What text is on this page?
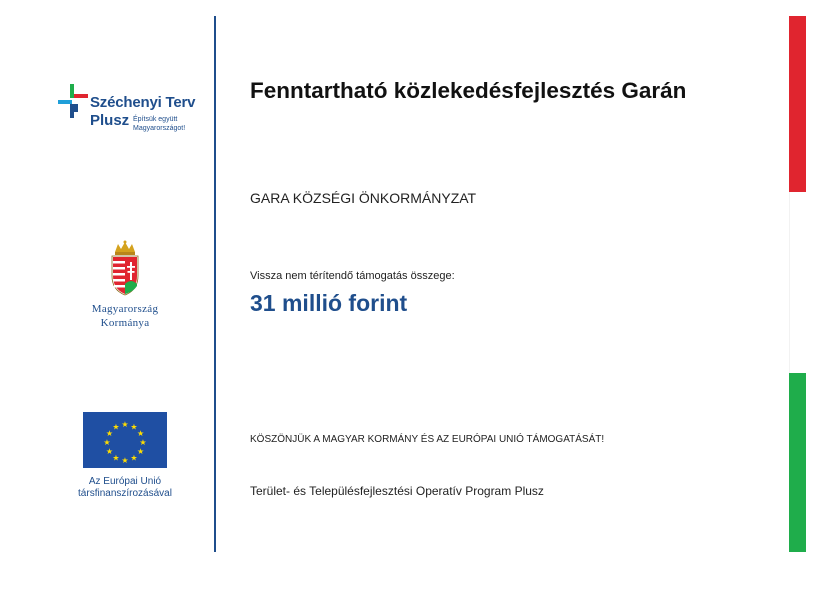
Széchenyi Terv
Plusz Építsük együtt
Magyarországot!
Magyarország
Kormánya
★ ★
★
★
★
★
★
★
★
★
★
★
Az Európai Unió
társfinanszírozásával
Fenntartható közlekedésfejlesztés Garán
GARA KÖZSÉGI ÖNKORMÁNYZAT
Vissza nem térítendő támogatás összege:
31 millió forint
KÖSZÖNJÜK A MAGYAR KORMÁNY ÉS AZ EURÓPAI UNIÓ TÁMOGATÁSÁT!
Terület- és Településfejlesztési Operatív Program Plusz
